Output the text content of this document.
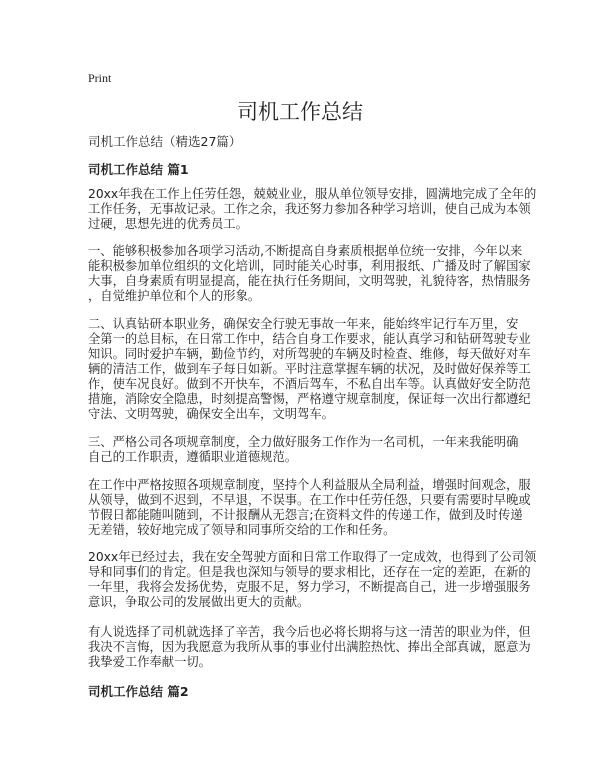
Print
司机工作总结
司机工作总结（精选27篇）
司机工作总结 篇1
20xx年我在工作上任劳任怨，兢兢业业，服从单位领导安排，圆满地完成了全年的
工作任务，无事故记录。工作之余，我还努力参加各种学习培训，使自己成为本领
过硬，思想先进的优秀员工。
一、能够积极参加各项学习活动,不断提高自身素质根据单位统一安排，今年以来
能积极参加单位组织的文化培训，同时能关心时事，利用报纸、广播及时了解国家
大事，自身素质有明显提高，能在执行任务期间，文明驾驶，礼貌待客，热情服务
，自觉维护单位和个人的形象。
二、认真钻研本职业务，确保安全行驶无事故一年来，能始终牢记行车万里，安
全第一的总目标，在日常工作中，结合自身工作要求，能认真学习和钻研驾驶专业
知识。同时爱护车辆，勤俭节约，对所驾驶的车辆及时检查、维修，每天做好对车
辆的清洁工作，做到车子每日如新。平时注意掌握车辆的状况，及时做好保养等工
作，使车况良好。做到不开快车，不酒后驾车，不私自出车等。认真做好安全防范
措施，消除安全隐患，时刻提高警惕，严格遵守规章制度，保证每一次出行都遵纪
守法、文明驾驶，确保安全出车，文明驾车。
三、严格公司各项规章制度，全力做好服务工作作为一名司机，一年来我能明确
自己的工作职责，遵循职业道德规范。
在工作中严格按照各项规章制度，坚持个人利益服从全局利益，增强时间观念，服
从领导，做到不迟到，不早退，不误事。在工作中任劳任怨，只要有需要时早晚或
节假日都能随叫随到，不计报酬从无怨言;在资料文件的传递工作，做到及时传递
无差错，较好地完成了领导和同事所交给的工作和任务。
20xx年已经过去，我在安全驾驶方面和日常工作取得了一定成效，也得到了公司领
导和同事们的肯定。但是我也深知与领导的要求相比，还存在一定的差距，在新的
一年里，我将会发扬优势，克服不足，努力学习，不断提高自己，进一步增强服务
意识，争取公司的发展做出更大的贡献。
有人说选择了司机就选择了辛苦，我今后也必将长期将与这一清苦的职业为伴，但
我决不言悔，因为我愿意为我所从事的事业付出满腔热忱、捧出全部真诚，愿意为
我挚爱工作奉献一切。
司机工作总结 篇2
